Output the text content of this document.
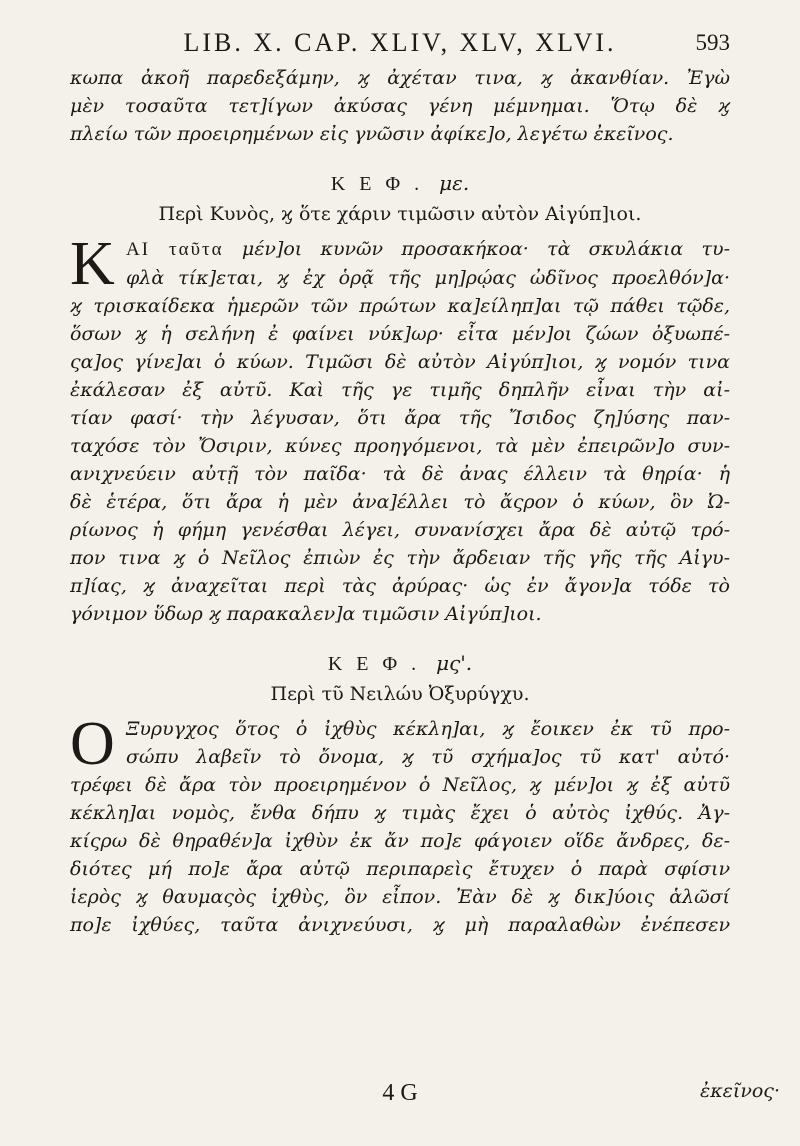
LIB. X. CAP. XLIV, XLV, XLVI.	593
κωπα ἀκοῆ παρεδεξάμην, ϗ ἀχέταν τινα, ϗ ἀκανθίαν. Ἐγὼ
μὲν τοσαῦτα τετ]ίγων ἀκύσας γένη μέμνημαι. Ὅτῳ δὲ ϗ
πλείω τῶν προειρημένων εἰς γνῶσιν ἀφίκε]ο, λεγέτω ἐκεῖνος.
ΚΕΦ. με.
Περὶ Κυνὸς, ϗ ὅτε χάριν τιμῶσιν αὐτὸν Αἰγύπ]ιοι.
K AI ταῦτα μέν]οι κυνῶν προσακήκοα· τὰ σκυλάκια τυ-
φλὰ τίκ]εται, ϗ ἐχ ὁρᾷ τῆς μη]ρῴας ὠδῖνος προελθόν]α·
ϗ τρισκαίδεκα ἡμερῶν τῶν πρώτων κα]είληπ]αι τῷ πάθει τῷδε,
ὅσων ϗ ἡ σελήνη ἐ φαίνει νύκ]ωρ· εἶτα μέν]οι ζώων ὀξυωπέ-
ςα]ος γίνε]αι ὁ κύων. Τιμῶσι δὲ αὐτὸν Αἰγύπ]ιοι, ϗ νομόν τινα
ἐκάλεσαν ἐξ αὐτῦ. Καὶ τῆς γε τιμῆς δηπλῆν εἶναι τὴν αἰ-
τίαν φασί· τὴν λέγυσαν, ὅτι ἄρα τῆς Ἴσιδος ζη]ύσης παν-
ταχόσε τὸν Ὄσιριν, κύνες πρoηγόμενoι, τὰ μὲν ἐπειρῶν]ο συν-
ανιχνεύειν αὐτῇ τὸν παῖδα· τὰ δὲ ἀνας έλλειν τὰ θηρία· ἡ
δὲ ἑτέρα, ὅτι ἄρα ἡ μὲν ἀνα]έλλει τὸ ἄςρον ὁ κύων, ὃν Ὠ-
ρίωνος ἡ φήμη γενέσθαι λέγει, συνανίσχει ἄρα δὲ αὐτῷ τρό-
πον τινα ϗ ὁ Νεῖλος ἐπιὼν ἐς τὴν ἄρδειαν τῆς γῆς τῆς Αἰγυ-
π]ίας, ϗ ἀναχεῖται περὶ τὰς ἀρύρας· ὡς ἐν ἄγον]α τόδε τὸ
γόνιμον ὕδωρ ϗ παρακαλεν]α τιμῶσιν Αἰγύπ]ιοι.
ΚΕΦ. μς'.
Περὶ τῦ Νειλώυ Ὀξυρύγχυ.
O Ξυρυγχος ὅτος ὁ ἰχθὺς κέκλη]αι, ϗ ἔοικεν ἐκ τῦ προ-
σώπυ λαβεῖν τὸ ὄνομα, ϗ τῦ σχήμα]ος τῦ κατ' αὐτό·
τρέφει δὲ ἄρα τὸν προειρημένον ὁ Νεῖλος, ϗ μέν]οι ϗ ἐξ αὐτῦ
κέκλη]αι νομὸς, ἔνθα δήπυ ϗ τιμὰς ἔχει ὁ αὐτὸς ἰχθύς. Ἀγ-
κίςρω δὲ θηραθέν]α ἰχθὺν ἐκ ἄν πο]ε φάγοιεν οἵδε ἄνδρες, δε-
διότες μή πο]ε ἄρα αὐτῷ περιπαρεὶς ἔτυχεν ὁ παρὰ σφίσιν
ἱερὸς ϗ θαυμαςὸς ἰχθὺς, ὃν εἶπον. Ἐὰν δὲ ϗ δικ]ύοις ἁλῶσί
πο]ε ἰχθύες, ταῦτα ἀνιχνεύυσι, ϗ μὴ παραλαθὼν ἐνέπεσεν
4 G	ἐκεῖνος·
